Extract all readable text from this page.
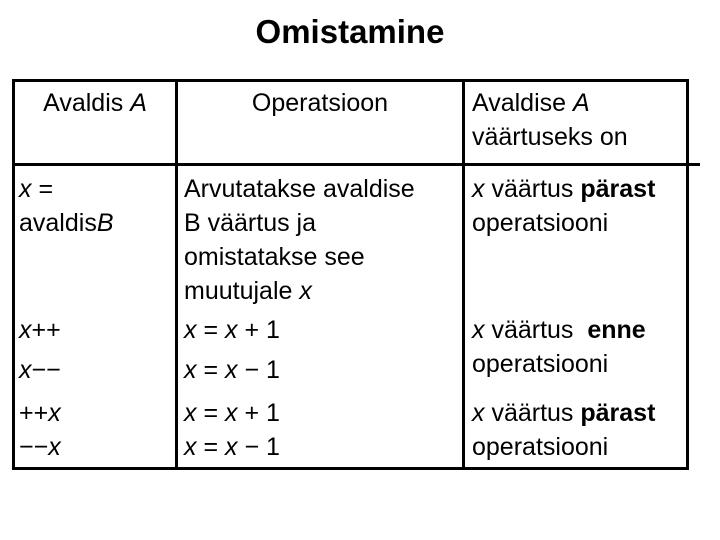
Omistamine
Avaldis A	Operatsioon	Avaldise A
väärtuseks on
x =
avaldisB
Arvutatakse avaldise
B väärtus ja
omistatakse see
muutujale x
x väärtus pärast
operatsiooni
x++
x−−
x = x + 1
x = x − 1
x väärtus  enne
operatsiooni
++x
−−x
x = x + 1
x = x − 1
x väärtus pärast
operatsiooni
